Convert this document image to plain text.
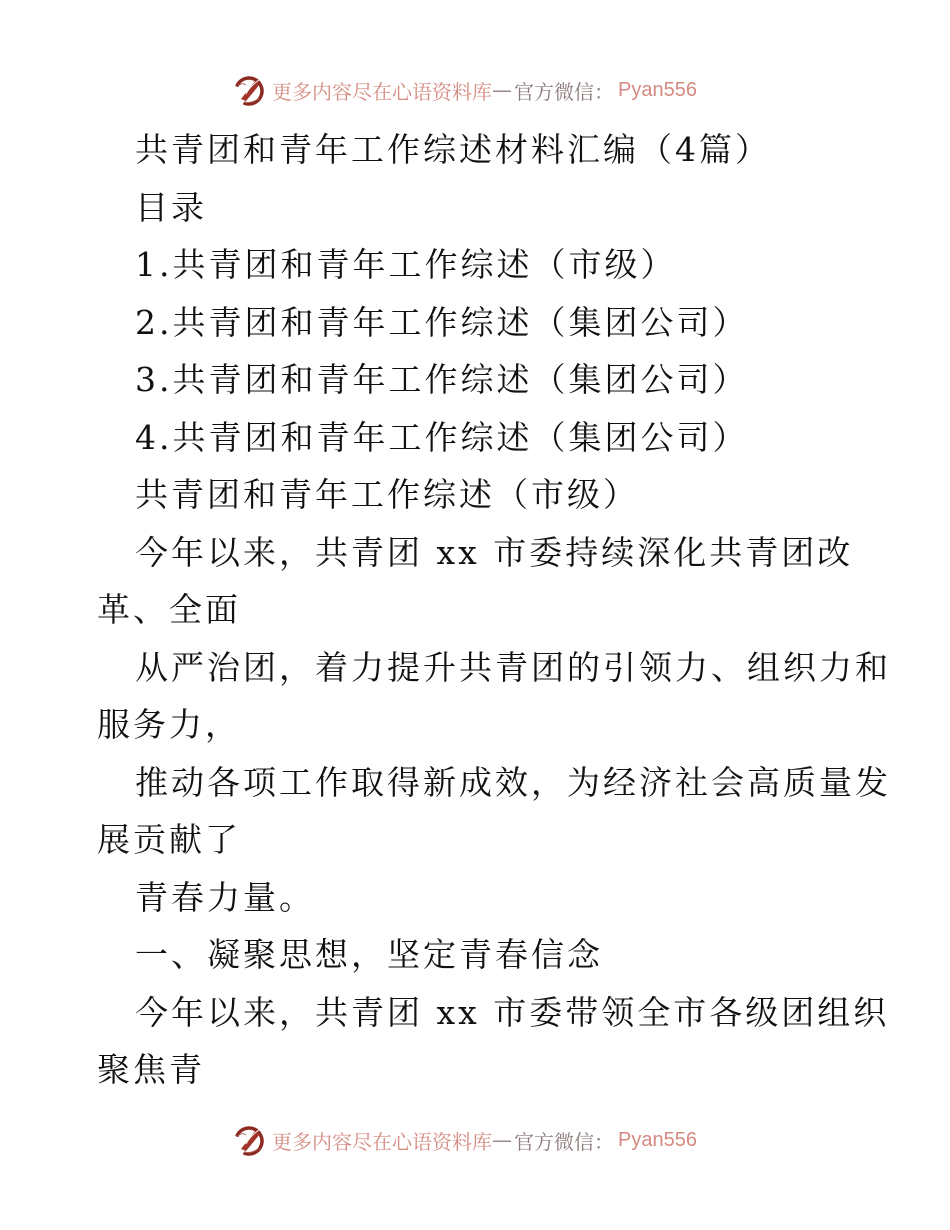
更多内容尽在心语资料库 — 官方微信： Pyan556
共青团和青年工作综述材料汇编（4篇）
目录
1.共青团和青年工作综述（市级）
2.共青团和青年工作综述（集团公司）
3.共青团和青年工作综述（集团公司）
4.共青团和青年工作综述（集团公司）
共青团和青年工作综述（市级）
今年以来，共青团 xx 市委持续深化共青团改
革、全面
从严治团，着力提升共青团的引领力、组织力和
服务力，
推动各项工作取得新成效，为经济社会高质量发
展贡献了
青春力量。
一、凝聚思想，坚定青春信念
今年以来，共青团 xx 市委带领全市各级团组织
聚焦青
更多内容尽在心语资料库 — 官方微信： Pyan556
